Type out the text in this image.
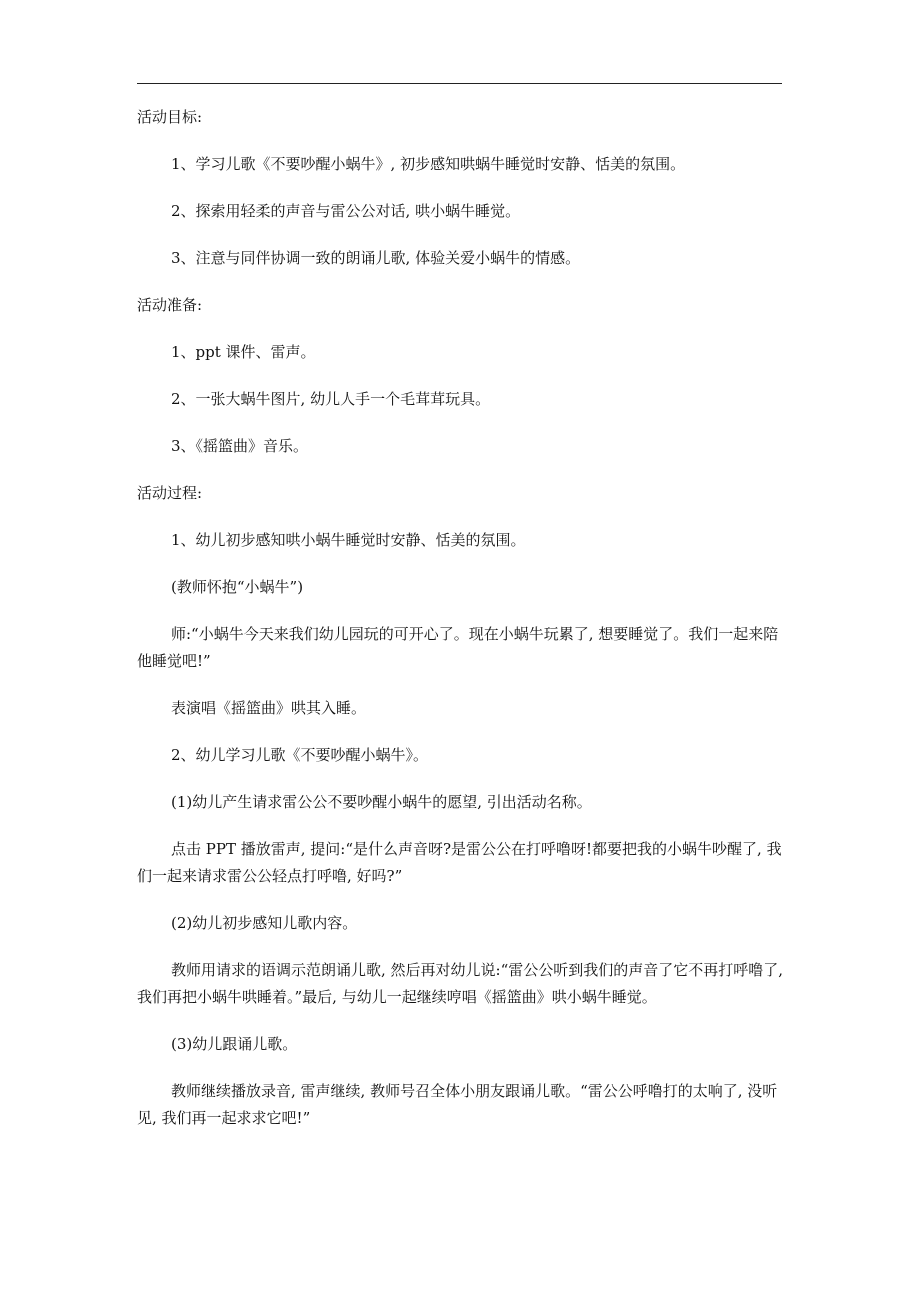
活动目标:

1、学习儿歌《不要吵醒小蜗牛》, 初步感知哄蜗牛睡觉时安静、恬美的氛围。

2、探索用轻柔的声音与雷公公对话, 哄小蜗牛睡觉。

3、注意与同伴协调一致的朗诵儿歌, 体验关爱小蜗牛的情感。

活动准备:

1、ppt 课件、雷声。

2、一张大蜗牛图片, 幼儿人手一个毛茸茸玩具。

3、《摇篮曲》音乐。

活动过程:

1、幼儿初步感知哄小蜗牛睡觉时安静、恬美的氛围。

(教师怀抱“小蜗牛”)

师:“小蜗牛今天来我们幼儿园玩的可开心了。现在小蜗牛玩累了, 想要睡觉了。我们一起来陪他睡觉吧!”

表演唱《摇篮曲》哄其入睡。

2、幼儿学习儿歌《不要吵醒小蜗牛》。

(1)幼儿产生请求雷公公不要吵醒小蜗牛的愿望, 引出活动名称。

点击 PPT 播放雷声, 提问:“是什么声音呀?是雷公公在打呼噜呀!都要把我的小蜗牛吵醒了, 我们一起来请求雷公公轻点打呼噜, 好吗?”

(2)幼儿初步感知儿歌内容。

教师用请求的语调示范朗诵儿歌, 然后再对幼儿说:“雷公公听到我们的声音了它不再打呼噜了, 我们再把小蜗牛哄睡着。”最后, 与幼儿一起继续哼唱《摇篮曲》哄小蜗牛睡觉。

(3)幼儿跟诵儿歌。

教师继续播放录音, 雷声继续, 教师号召全体小朋友跟诵儿歌。“雷公公呼噜打的太响了, 没听见, 我们再一起求求它吧!”
